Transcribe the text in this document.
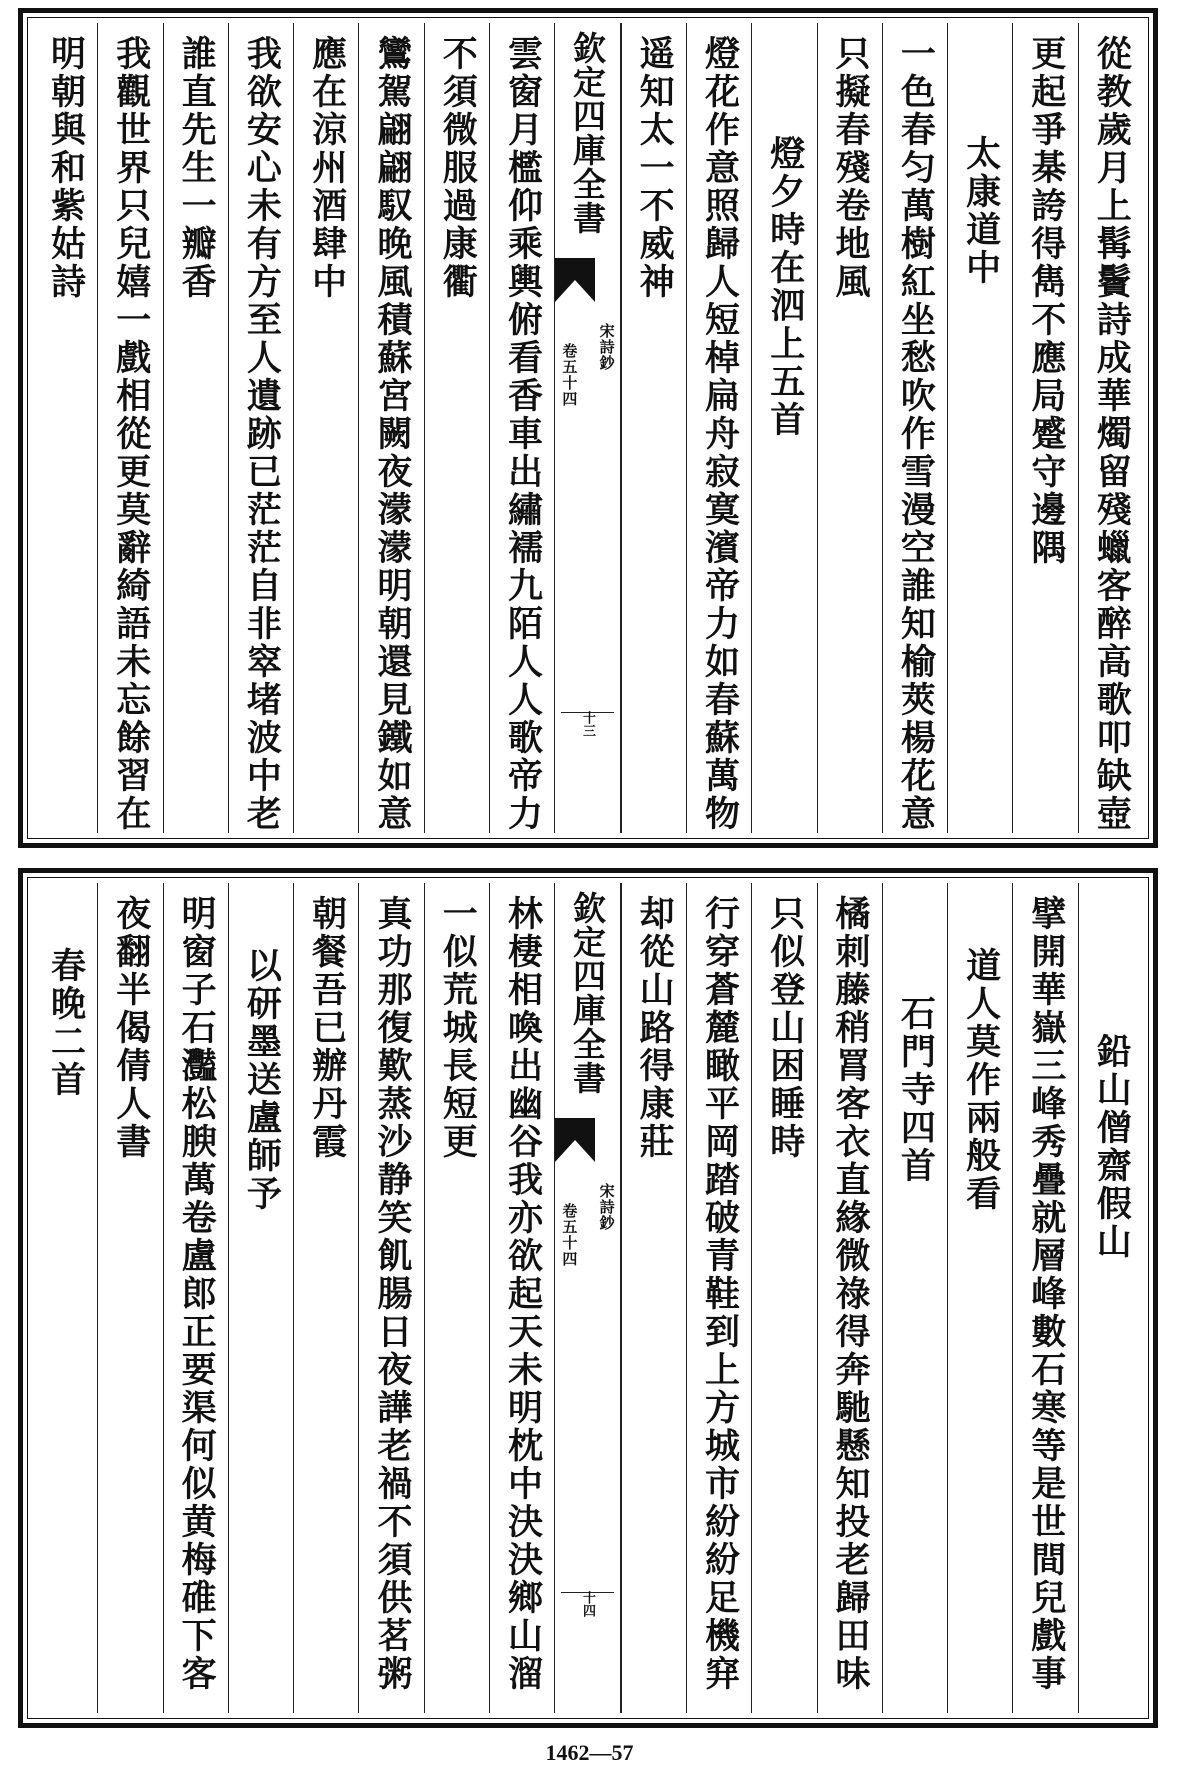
從教歲月上髯鬢詩成華燭留殘蠟客醉高歌叩缺壺
更起爭棊誇得雋不應局蹙守邊隅
太康道中
一色春匀萬樹紅坐愁吹作雪漫空誰知榆莢楊花意
只擬春殘卷地風
燈夕時在泗上五首
燈花作意照歸人短棹扁舟寂寞濱帝力如春蘇萬物
遥知太一不威神
欽定四庫全書
宋詩鈔
卷五十四
十三
雲窗月檻仰乘輿俯看香車出繡襦九陌人人歌帝力
不須微服過康衢
鸞駕翩翩馭晚風積蘇宮闕夜濛濛明朝還見鐵如意
應在涼州酒肆中
我欲安心未有方至人遺跡已茫茫自非窣堵波中老
誰直先生一瓣香
我觀世界只兒嬉一戲相從更莫辭綺語未忘餘習在
明朝與和紫姑詩
鉛山僧齋假山
擘開華嶽三峰秀疊就層峰數石寒等是世間兒戲事
道人莫作兩般看
石門寺四首
橘刺藤稍罥客衣直緣微祿得奔馳懸知投老歸田味
只似登山困睡時
行穿蒼麓瞰平岡踏破青鞋到上方城市紛紛足機穽
却從山路得康莊
欽定四庫全書
宋詩鈔
卷五十四
十四
林棲相喚出幽谷我亦欲起天未明枕中決決鄉山溜
一似荒城長短更
真功那復歎蒸沙静笑飢腸日夜譁老禍不須供茗粥
朝餐吾已辦丹霞
以研墨送盧師予
明窗子石灩松腴萬卷盧郎正要渠何似黄梅碓下客
夜翻半偈倩人書
春晚二首
1462—57
